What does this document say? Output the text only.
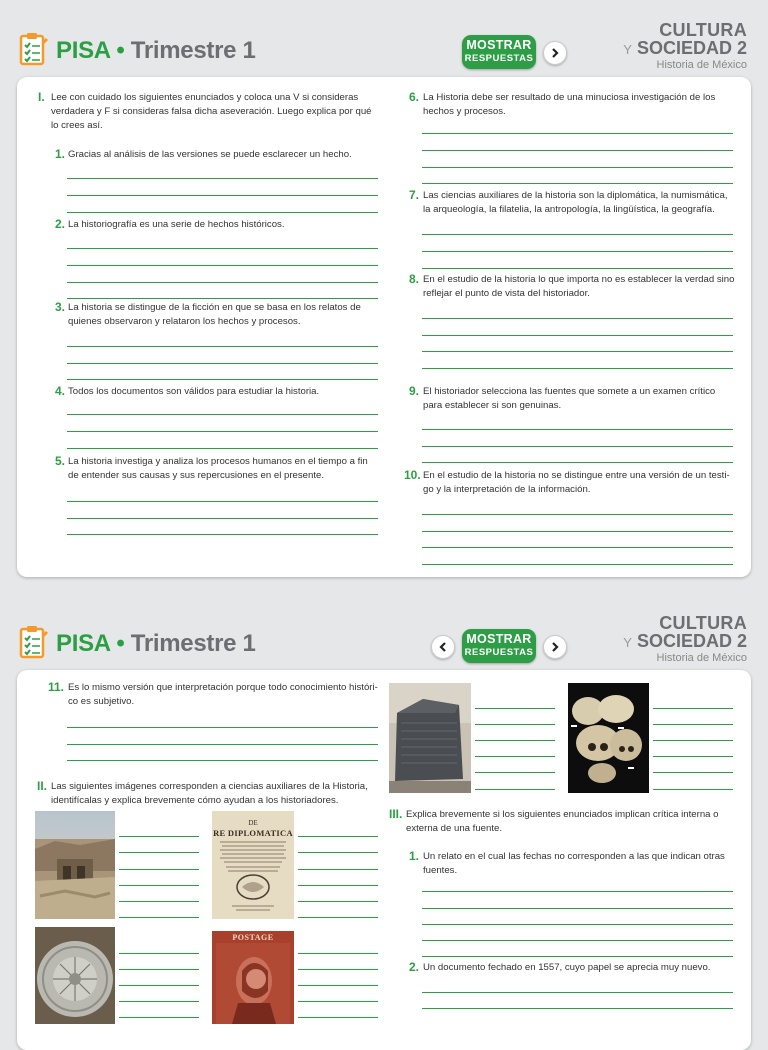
PISA • Trimestre 1	MOSTRAR
RESPUESTAS
CULTURA
Y SOCIEDAD 2
Historia de México
I. Lee con cuidado los siguientes enunciados y coloca una V si consideras verdadera y F si consideras falsa dicha aseveración. Luego explica por qué lo crees así.
1. Gracias al análisis de las versiones se puede esclarecer un hecho.
2. La historiografía es una serie de hechos históricos.
3. La historia se distingue de la ficción en que se basa en los relatos de quienes observaron y relataron los hechos y procesos.
4. Todos los documentos son válidos para estudiar la historia.
5. La historia investiga y analiza los procesos humanos en el tiempo a fin de entender sus causas y sus repercusiones en el presente.
6. La Historia debe ser resultado de una minuciosa investigación de los hechos y procesos.
7. Las ciencias auxiliares de la historia son la diplomática, la numismática, la arqueología, la filatelia, la antropología, la lingüística, la geografía.
8. En el estudio de la historia lo que importa no es establecer la verdad sino reflejar el punto de vista del historiador.
9. El historiador selecciona las fuentes que somete a un examen crítico para establecer si son genuinas.
10. En el estudio de la historia no se distingue entre una versión de un testi-go y la interpretación de la información.
PISA • Trimestre 1	MOSTRAR
RESPUESTAS
CULTURA
Y SOCIEDAD 2
Historia de México
11. Es lo mismo versión que interpretación porque todo conocimiento históri-co es subjetivo.
II. Las siguientes imágenes corresponden a ciencias auxiliares de la Historia, identifícalas y explica brevemente cómo ayudan a los historiadores.
DE
RE DIPLOMATICA
POSTAGE
III. Explica brevemente si los siguientes enunciados implican crítica interna o externa de una fuente.
1. Un relato en el cual las fechas no corresponden a las que indican otras fuentes.
2. Un documento fechado en 1557, cuyo papel se aprecia muy nuevo.
